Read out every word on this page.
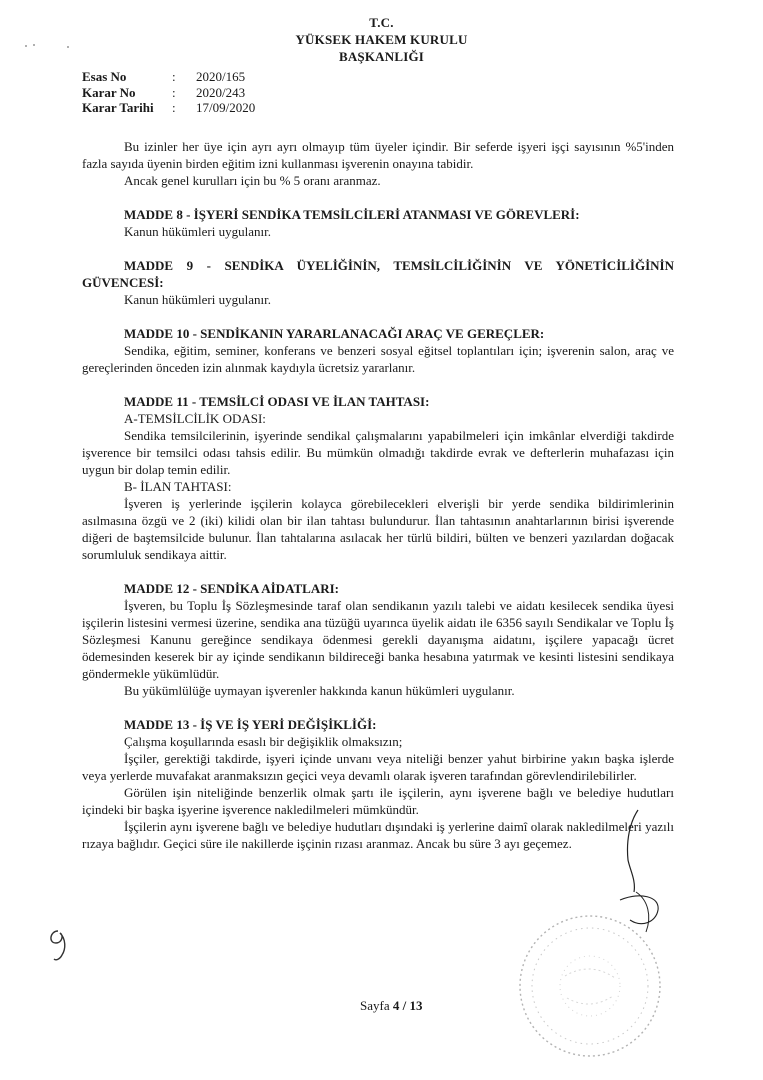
T.C.
YÜKSEK HAKEM KURULU
BAŞKANLIĞI
Esas No	:	2020/165
Karar No	:	2020/243
Karar Tarihi	:	17/09/2020

Bu izinler her üye için ayrı ayrı olmayıp tüm üyeler içindir. Bir seferde işyeri işçi sayısının %5'inden fazla sayıda üyenin birden eğitim izni kullanması işverenin onayına tabidir.

Ancak genel kurulları için bu % 5 oranı aranmaz.

MADDE 8 - İŞYERİ SENDİKA TEMSİLCİLERİ ATANMASI VE GÖREVLERİ:

Kanun hükümleri uygulanır.

MADDE 9 - SENDİKA ÜYELİĞİNİN, TEMSİLCİLİĞİNİN VE YÖNETİCİLİĞİNİN GÜVENCESİ:

Kanun hükümleri uygulanır.

MADDE 10 - SENDİKANIN YARARLANACAĞI ARAÇ VE GEREÇLER:

Sendika, eğitim, seminer, konferans ve benzeri sosyal eğitsel toplantıları için; işverenin salon, araç ve gereçlerinden önceden izin alınmak kaydıyla ücretsiz yararlanır.

MADDE 11 - TEMSİLCİ ODASI VE İLAN TAHTASI:

A-TEMSİLCİLİK ODASI:

Sendika temsilcilerinin, işyerinde sendikal çalışmalarını yapabilmeleri için imkânlar elverdiği takdirde işverence bir temsilci odası tahsis edilir. Bu mümkün olmadığı takdirde evrak ve defterlerin muhafazası için uygun bir dolap temin edilir.

B- İLAN TAHTASI:

İşveren iş yerlerinde işçilerin kolayca görebilecekleri elverişli bir yerde sendika bildirimlerinin asılmasına özgü ve 2 (iki) kilidi olan bir ilan tahtası bulundurur. İlan tahtasının anahtarlarının birisi işverende diğeri de baştemsilcide bulunur. İlan tahtalarına asılacak her türlü bildiri, bülten ve benzeri yazılardan doğacak sorumluluk sendikaya aittir.

MADDE 12 - SENDİKA AİDATLARI:

İşveren, bu Toplu İş Sözleşmesinde taraf olan sendikanın yazılı talebi ve aidatı kesilecek sendika üyesi işçilerin listesini vermesi üzerine, sendika ana tüzüğü uyarınca üyelik aidatı ile 6356 sayılı Sendikalar ve Toplu İş Sözleşmesi Kanunu gereğince sendikaya ödenmesi gerekli dayanışma aidatını, işçilere yapacağı ücret ödemesinden keserek bir ay içinde sendikanın bildireceği banka hesabına yatırmak ve kesinti listesini sendikaya göndermekle yükümlüdür.

Bu yükümlülüğe uymayan işverenler hakkında kanun hükümleri uygulanır.

MADDE 13 - İŞ VE İŞ YERİ DEĞİŞİKLİĞİ:

Çalışma koşullarında esaslı bir değişiklik olmaksızın;

İşçiler, gerektiği takdirde, işyeri içinde unvanı veya niteliği benzer yahut birbirine yakın başka işlerde veya yerlerde muvafakat aranmaksızın geçici veya devamlı olarak işveren tarafından görevlendirilebilirler.

Görülen işin niteliğinde benzerlik olmak şartı ile işçilerin, aynı işverene bağlı ve belediye hudutları içindeki bir başka işyerine işverence nakledilmeleri mümkündür.

İşçilerin aynı işverene bağlı ve belediye hudutları dışındaki iş yerlerine daimî olarak nakledilmeleri yazılı rızaya bağlıdır. Geçici süre ile nakillerde işçinin rızası aranmaz. Ancak bu süre 3 ayı geçemez.

Sayfa 4 / 13
